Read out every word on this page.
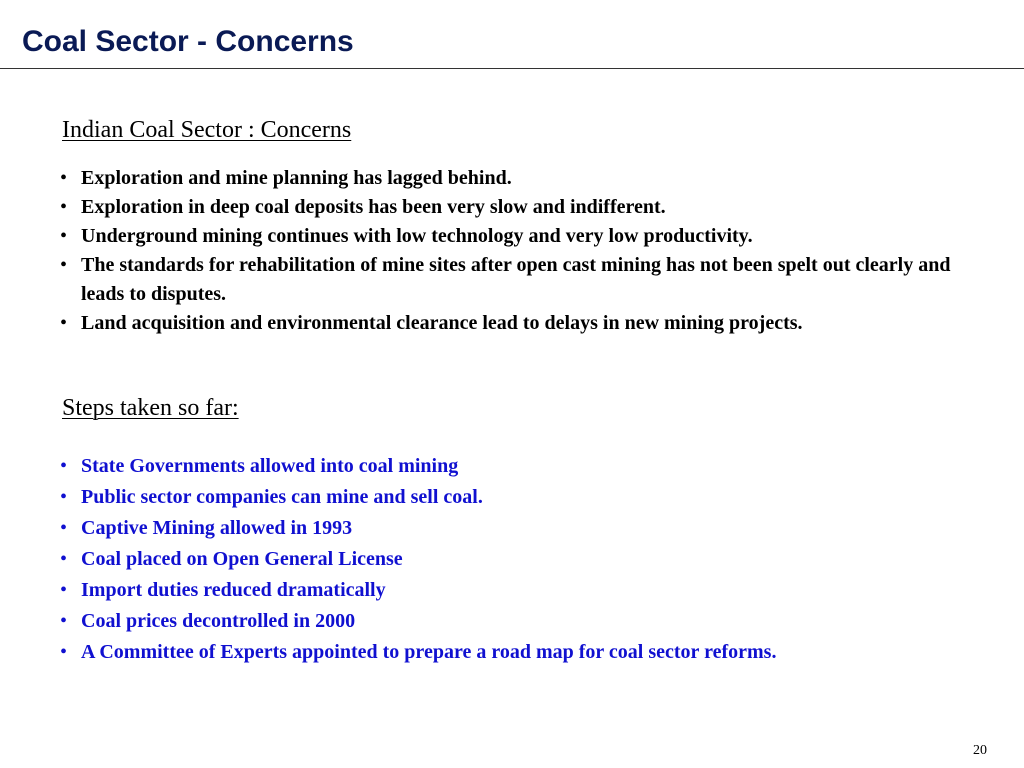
Coal Sector - Concerns
Indian Coal Sector : Concerns
• Exploration and mine planning has lagged behind.
• Exploration in deep coal deposits has been very slow and indifferent.
• Underground mining continues with low technology and very low productivity.
• The standards for rehabilitation of mine sites after open cast mining has not been spelt out clearly and leads to disputes.
• Land acquisition and environmental clearance lead to delays in new mining projects.
Steps taken so far:
• State Governments allowed into coal mining
• Public sector companies can mine and sell coal.
• Captive Mining allowed in 1993
• Coal placed on Open General License
• Import duties reduced dramatically
• Coal prices decontrolled in 2000
• A Committee of Experts appointed to prepare a road map for coal sector reforms.
20
